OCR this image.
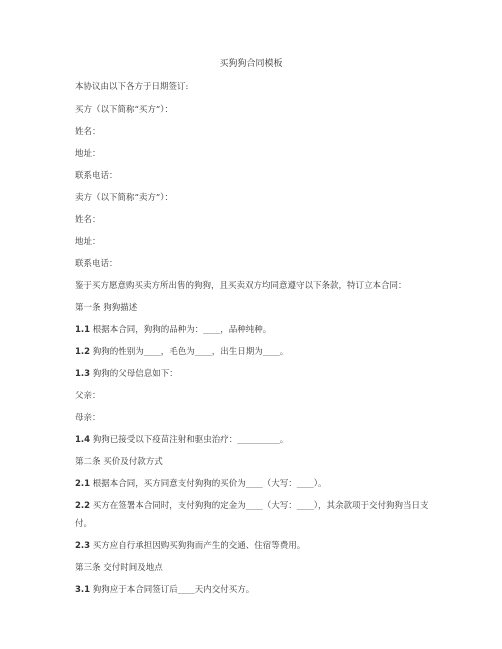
买狗狗合同模板
本协议由以下各方于日期签订:
买方（以下简称“买方”）：
姓名：
地址：
联系电话：
卖方（以下简称“卖方”）：
姓名：
地址：
联系电话：
鉴于买方愿意购买卖方所出售的狗狗，且买卖双方均同意遵守以下条款，特订立本合同：
第一条 狗狗描述
1.1 根据本合同，狗狗的品种为：____，品种纯种。
1.2 狗狗的性别为____，毛色为____，出生日期为____。
1.3 狗狗的父母信息如下：
父亲：
母亲：
1.4 狗狗已接受以下疫苗注射和驱虫治疗：__________。
第二条 买价及付款方式
2.1 根据本合同，买方同意支付狗狗的买价为____（大写：____）。
2.2 买方在签署本合同时，支付狗狗的定金为____（大写：____），其余款项于交付狗狗当日支付。
2.3 买方应自行承担因购买狗狗而产生的交通、住宿等费用。
第三条 交付时间及地点
3.1 狗狗应于本合同签订后____天内交付买方。
